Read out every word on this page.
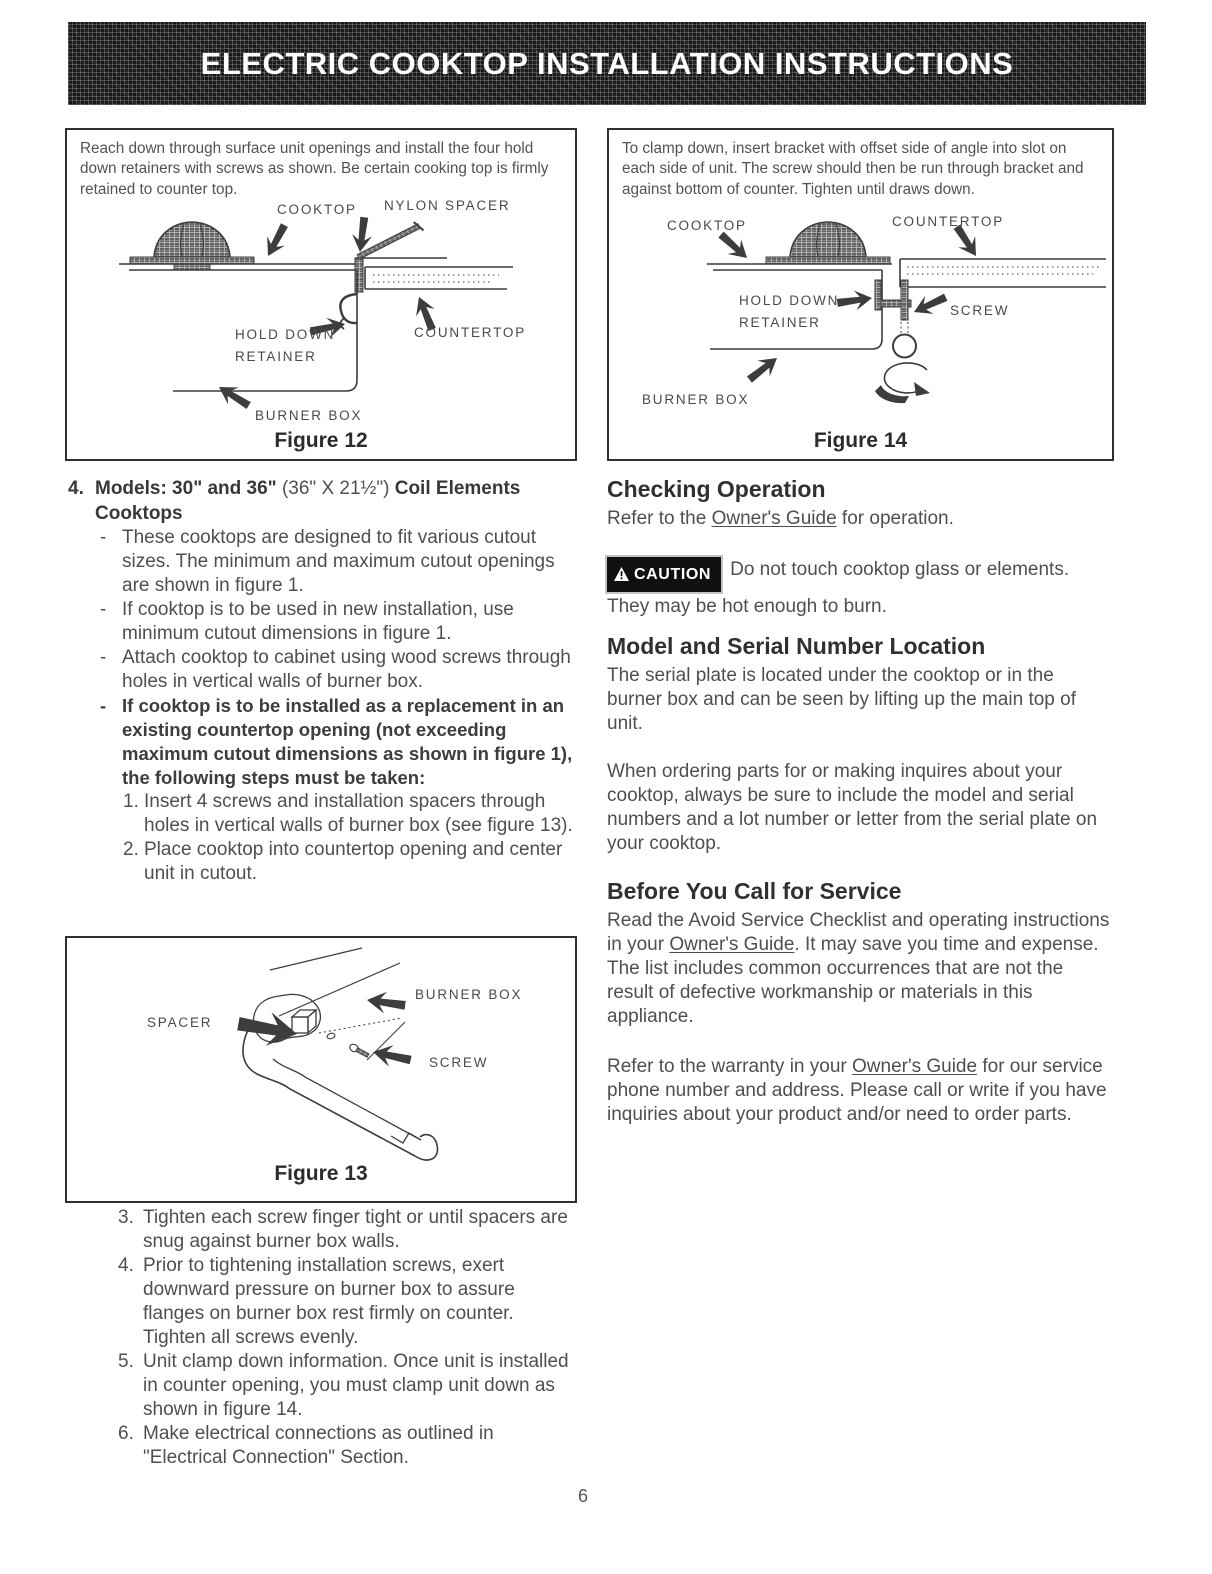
ELECTRIC COOKTOP INSTALLATION INSTRUCTIONS
Reach down through surface unit openings and install the four hold down retainers with screws as shown. Be certain cooking top is firmly retained to counter top.
COOKTOP NYLON SPACER
HOLD DOWN
RETAINER
COUNTERTOP
BURNER BOX
Figure 12
To clamp down, insert bracket with offset side of angle into slot on each side of unit. The screw should then be run through bracket and against bottom of counter. Tighten until draws down.
COOKTOP	COUNTERTOP
HOLD DOWN
RETAINER
SCREW
BURNER BOX
Figure 14
4. Models: 30" and 36" (36" X 21½") Coil Elements Cooktops
- These cooktops are designed to fit various cutout sizes. The minimum and maximum cutout openings are shown in figure 1.
- If cooktop is to be used in new installation, use minimum cutout dimensions in figure 1.
- Attach cooktop to cabinet using wood screws through holes in vertical walls of burner box.
- If cooktop is to be installed as a replacement in an existing countertop opening (not exceeding maximum cutout dimensions as shown in figure 1), the following steps must be taken:
1. Insert 4 screws and installation spacers through holes in vertical walls of burner box (see figure 13).
2. Place cooktop into countertop opening and center unit in cutout.
BURNER BOX
SPACER
SCREW
Figure 13
3. Tighten each screw finger tight or until spacers are snug against burner box walls.
4. Prior to tightening installation screws, exert downward pressure on burner box to assure flanges on burner box rest firmly on counter. Tighten all screws evenly.
5. Unit clamp down information. Once unit is installed in counter opening, you must clamp unit down as shown in figure 14.
6. Make electrical connections as outlined in "Electrical Connection" Section.
Checking Operation

Refer to the Owner's Guide for operation.

CAUTION Do not touch cooktop glass or elements. They may be hot enough to burn.

Model and Serial Number Location

The serial plate is located under the cooktop or in the burner box and can be seen by lifting up the main top of unit.

When ordering parts for or making inquires about your cooktop, always be sure to include the model and serial numbers and a lot number or letter from the serial plate on your cooktop.

Before You Call for Service

Read the Avoid Service Checklist and operating instructions in your Owner's Guide. It may save you time and expense. The list includes common occurrences that are not the result of defective workmanship or materials in this appliance.

Refer to the warranty in your Owner's Guide for our service phone number and address. Please call or write if you have inquiries about your product and/or need to order parts.

6
